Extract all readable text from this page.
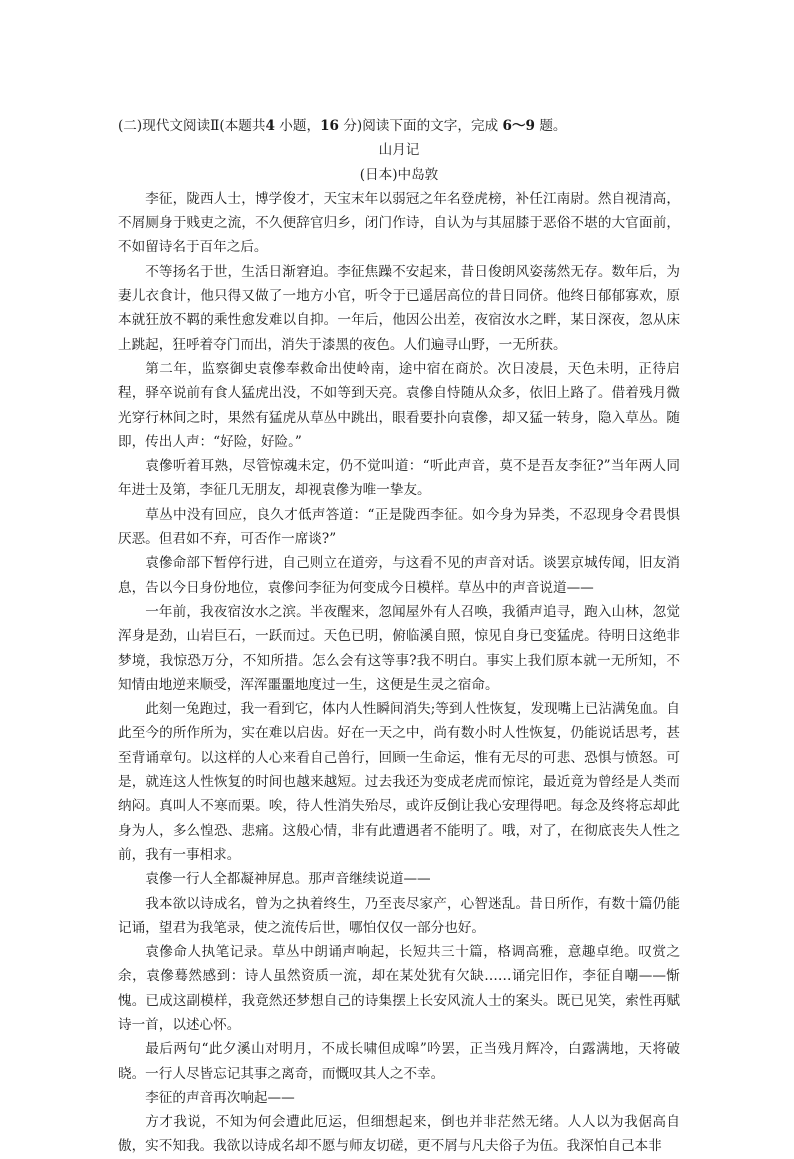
(二)现代文阅读Ⅱ(本题共4 小题，16 分)阅读下面的文字，完成 6～9 题。

山月记

(日本)中岛敦

李征，陇西人士，博学俊才，天宝末年以弱冠之年名登虎榜，补任江南尉。然自视清高，不屑厕身于贱吏之流，不久便辞官归乡，闭门作诗，自认为与其屈膝于恶俗不堪的大官面前，不如留诗名于百年之后。

不等扬名于世，生活日渐窘迫。李征焦躁不安起来，昔日俊朗风姿荡然无存。数年后，为妻儿衣食计，他只得又做了一地方小官，听令于已遥居高位的昔日同侪。他终日郁郁寡欢，原本就狂放不羁的乘性愈发难以自抑。一年后，他因公出差，夜宿汝水之畔，某日深夜，忽从床上跳起，狂呼着夺门而出，消失于漆黑的夜色。人们遍寻山野，一无所获。

第二年，监察御史袁傪奉救命出使岭南，途中宿在商於。次日凌晨，天色未明，正待启程，驿卒说前有食人猛虎出没，不如等到天亮。袁傪自恃随从众多，依旧上路了。借着残月微光穿行林间之时，果然有猛虎从草丛中跳出，眼看要扑向袁傪，却又猛一转身，隐入草丛。随即，传出人声：“好险，好险。”

袁傪听着耳熟，尽管惊魂未定，仍不觉叫道：“听此声音，莫不是吾友李征?”当年两人同年进士及第，李征几无朋友，却视袁傪为唯一挚友。

草丛中没有回应，良久才低声答道：“正是陇西李征。如今身为异类，不忍现身令君畏惧厌恶。但君如不弃，可否作一席谈?”

袁傪命部下暂停行进，自己则立在道旁，与这看不见的声音对话。谈罢京城传闻，旧友消息，告以今日身份地位，袁傪问李征为何变成今日模样。草丛中的声音说道——

一年前，我夜宿汝水之滨。半夜醒来，忽闻屋外有人召唤，我循声追寻，跑入山林，忽觉浑身是劲，山岩巨石，一跃而过。天色已明，俯临溪自照，惊见自身已变猛虎。待明日这绝非梦境，我惊恐万分，不知所措。怎么会有这等事?我不明白。事实上我们原本就一无所知，不知情由地逆来顺受，浑浑噩噩地度过一生，这便是生灵之宿命。

此刻一兔跑过，我一看到它，体内人性瞬间消失;等到人性恢复，发现嘴上已沾满兔血。自此至今的所作所为，实在难以启齿。好在一天之中，尚有数小时人性恢复，仍能说话思考，甚至背诵章句。以这样的人心来看自己兽行，回顾一生命运，惟有无尽的可悲、恐惧与愤怒。可是，就连这人性恢复的时间也越来越短。过去我还为变成老虎而惊诧，最近竟为曾经是人类而纳闷。真叫人不寒而栗。唉，待人性消失殆尽，或许反倒让我心安理得吧。每念及终将忘却此身为人，多么惶恐、悲痛。这般心情，非有此遭遇者不能明了。哦，对了，在彻底丧失人性之前，我有一事相求。

袁傪一行人全都凝神屏息。那声音继续说道——

我本欲以诗成名，曾为之执着终生，乃至丧尽家产，心智迷乱。昔日所作，有数十篇仍能记诵，望君为我笔录，使之流传后世，哪怕仅仅一部分也好。

袁傪命人执笔记录。草丛中朗诵声响起，长短共三十篇，格调高雅，意趣卓绝。叹赏之余，袁傪蓦然感到：诗人虽然资质一流，却在某处犹有欠缺……诵完旧作，李征自嘲——惭愧。已成这副模样，我竟然还梦想自己的诗集摆上长安风流人士的案头。既已见笑，索性再赋诗一首，以述心怀。

最后两句“此夕溪山对明月，不成长啸但成嗥”吟罢，正当残月辉冷，白露满地，天将破晓。一行人尽皆忘记其事之离奇，而慨叹其人之不幸。

李征的声音再次响起——

方才我说，不知为何会遭此厄运，但细想起来，倒也并非茫然无绪。人人以为我倨高自傲，实不知我。我欲以诗成名却不愿与师友切磋，更不屑与凡夫俗子为伍。我深怕自己本非
